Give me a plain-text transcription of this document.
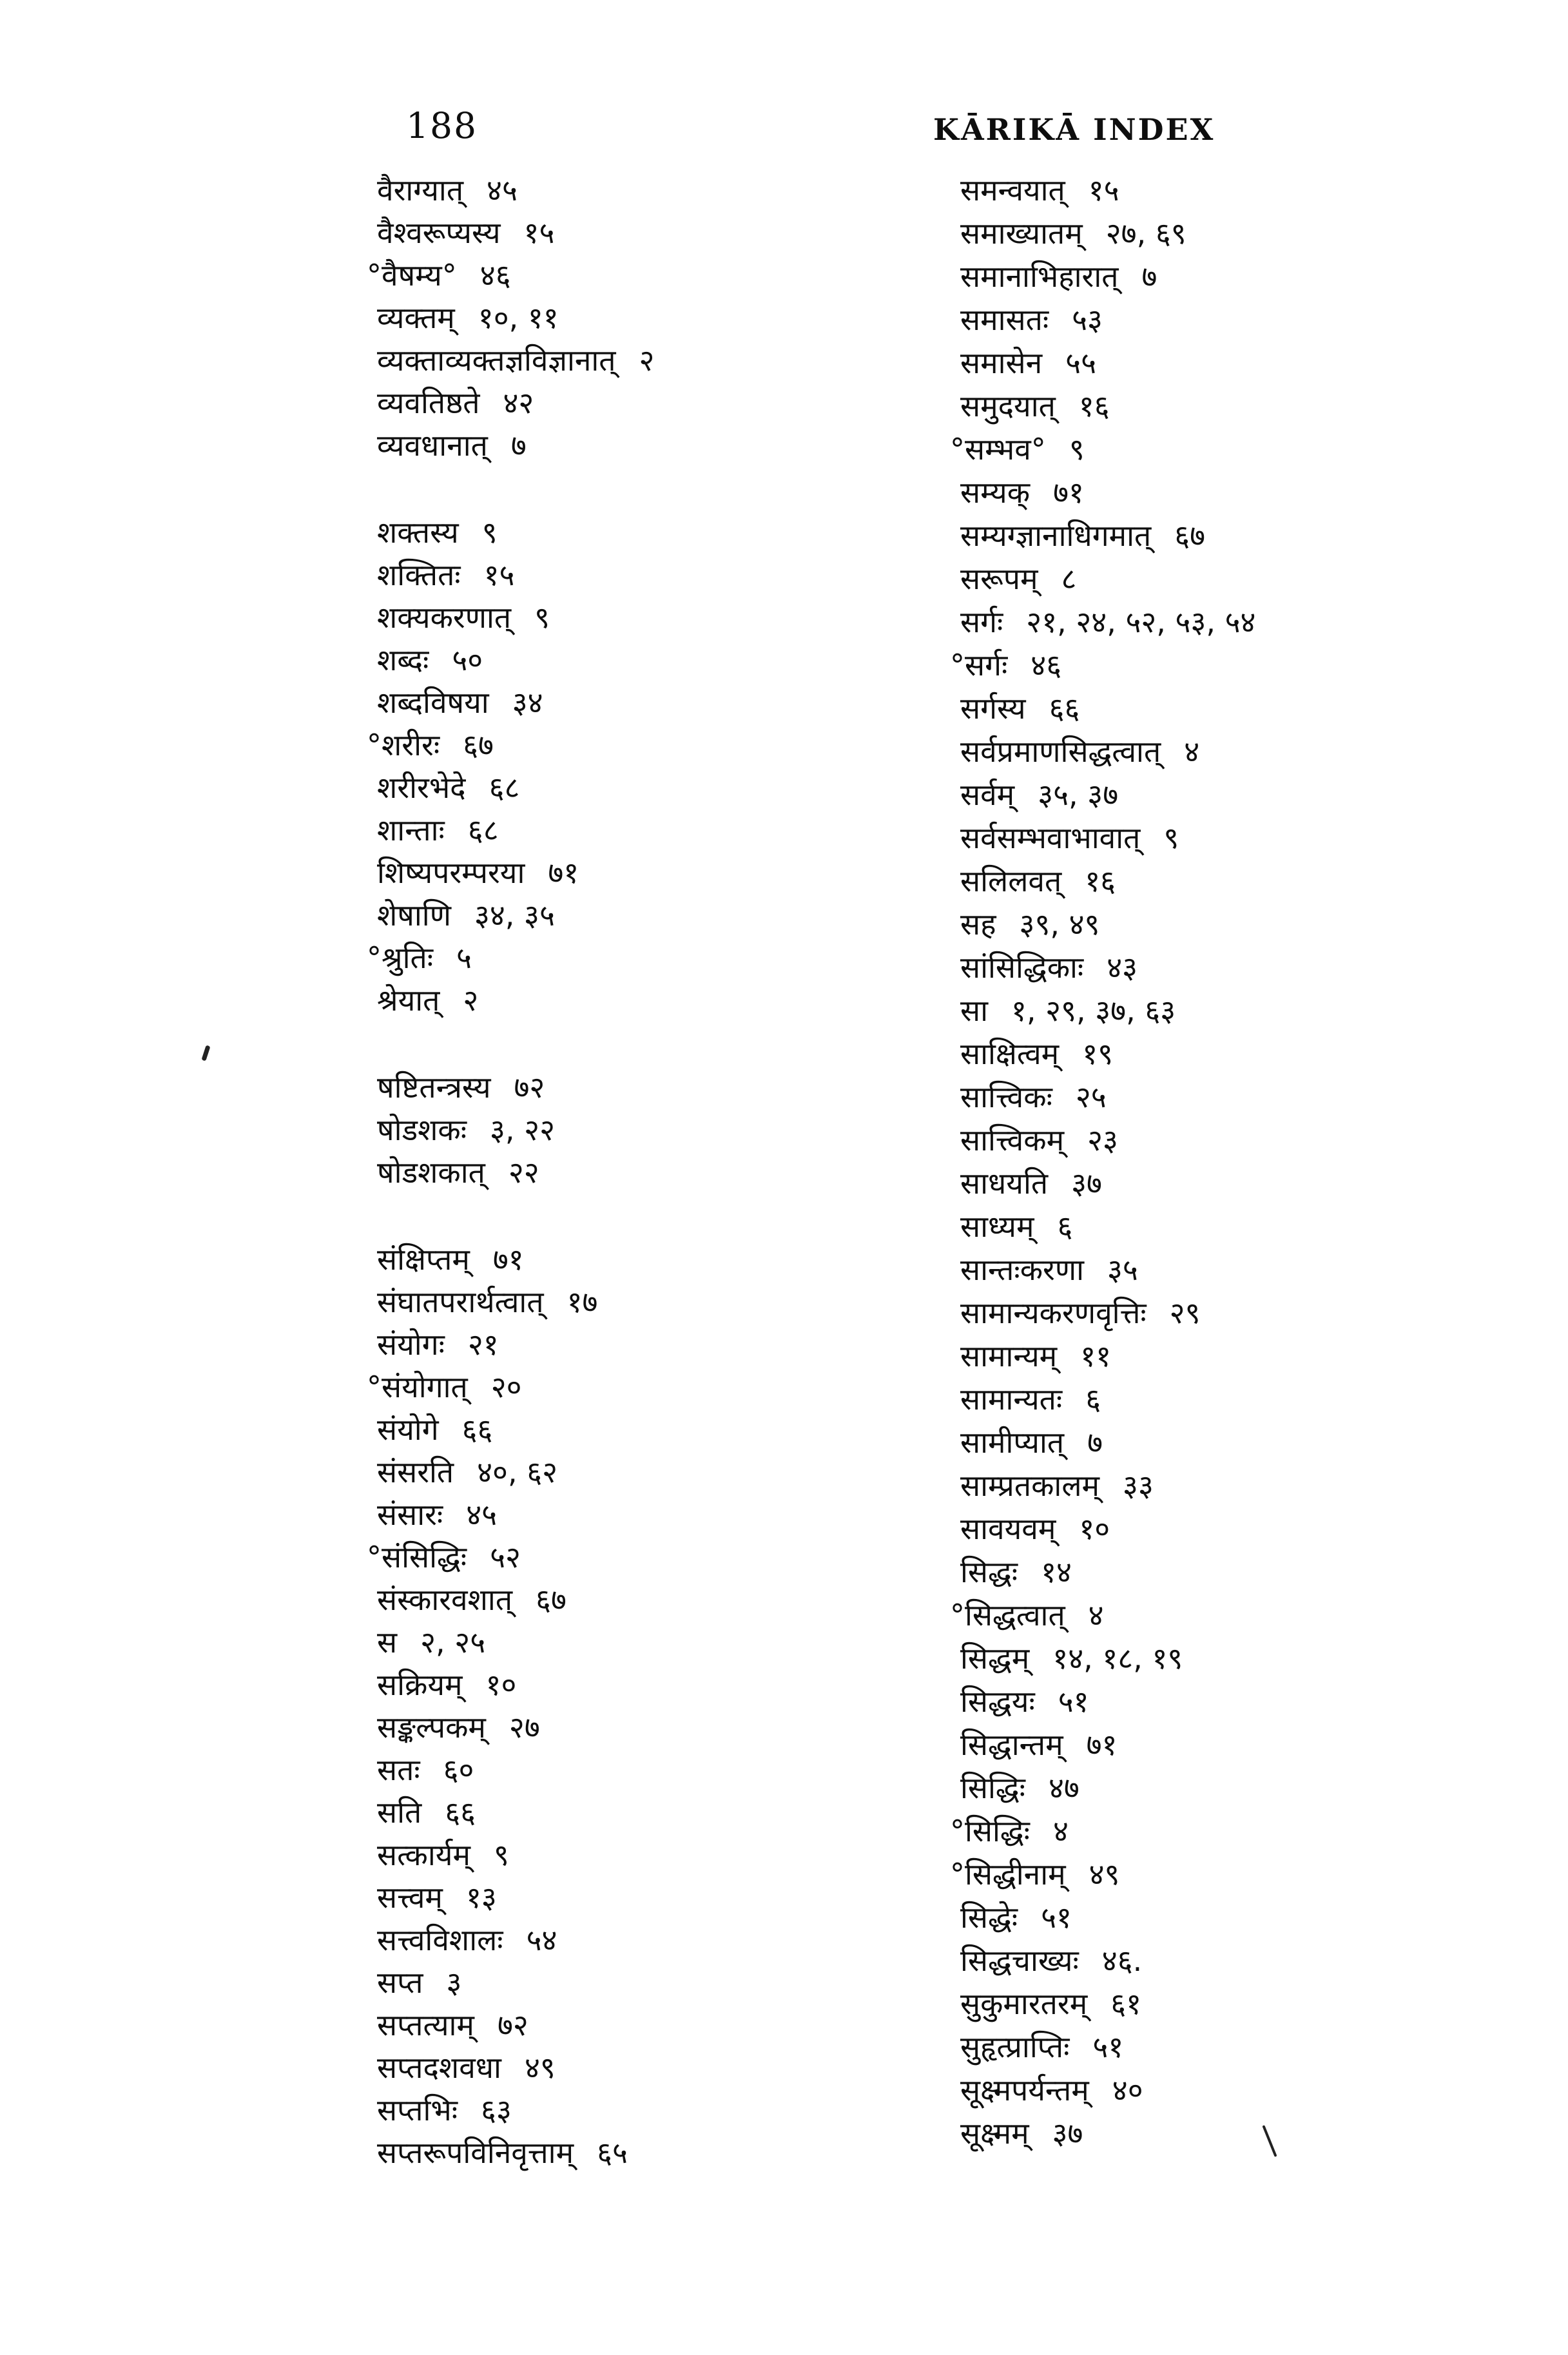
188	KĀRIKĀ INDEX
वैराग्यात् ४५
वैश्वरूप्यस्य १५
°वैषम्य° ४६
व्यक्तम् १०, ११
व्यक्ताव्यक्तज्ञविज्ञानात् २
व्यवतिष्ठते ४२
व्यवधानात् ७
शक्तस्य ९
शक्तितः १५
शक्यकरणात् ९
शब्दः ५०
शब्दविषया ३४
°शरीरः ६७
शरीरभेदे ६८
शान्ताः ६८
शिष्यपरम्परया ७१
शेषाणि ३४, ३५
°श्रुतिः ५
श्रेयात् २
षष्टितन्त्रस्य ७२
षोडशकः ३, २२
षोडशकात् २२
संक्षिप्तम् ७१
संघातपरार्थत्वात् १७
संयोगः २१
°संयोगात् २०
संयोगे ६६
संसरति ४०, ६२
संसारः ४५
°संसिद्धिः ५२
संस्कारवशात् ६७
स २, २५
सक्रियम् १०
सङ्कल्पकम् २७
सतः ६०
सति ६६
सत्कार्यम् ९
सत्त्वम् १३
सत्त्वविशालः ५४
सप्त ३
सप्तत्याम् ७२
सप्तदशवधा ४९
सप्तभिः ६३
सप्तरूपविनिवृत्ताम् ६५
समन्वयात् १५
समाख्यातम् २७, ६९
समानाभिहारात् ७
समासतः ५३
समासेन ५५
समुदयात् १६
°सम्भव° ९
सम्यक् ७१
सम्यग्ज्ञानाधिगमात् ६७
सरूपम् ८
सर्गः २१, २४, ५२, ५३, ५४
°सर्गः ४६
सर्गस्य ६६
सर्वप्रमाणसिद्धत्वात् ४
सर्वम् ३५, ३७
सर्वसम्भवाभावात् ९
सलिलवत् १६
सह ३९, ४९
सांसिद्धिकाः ४३
सा १, २९, ३७, ६३
साक्षित्वम् १९
सात्त्विकः २५
सात्त्विकम् २३
साधयति ३७
साध्यम् ६
सान्तःकरणा ३५
सामान्यकरणवृत्तिः २९
सामान्यम् ११
सामान्यतः ६
सामीप्यात् ७
साम्प्रतकालम् ३३
सावयवम् १०
सिद्धः १४
°सिद्धत्वात् ४
सिद्धम् १४, १८, १९
सिद्धयः ५१
सिद्धान्तम् ७१
सिद्धिः ४७
°सिद्धिः ४
°सिद्धीनाम् ४९
सिद्धेः ५१
सिद्धचाख्यः ४६.
सुकुमारतरम् ६१
सुहृत्प्राप्तिः ५१
सूक्ष्मपर्यन्तम् ४०
सूक्ष्मम् ३७
